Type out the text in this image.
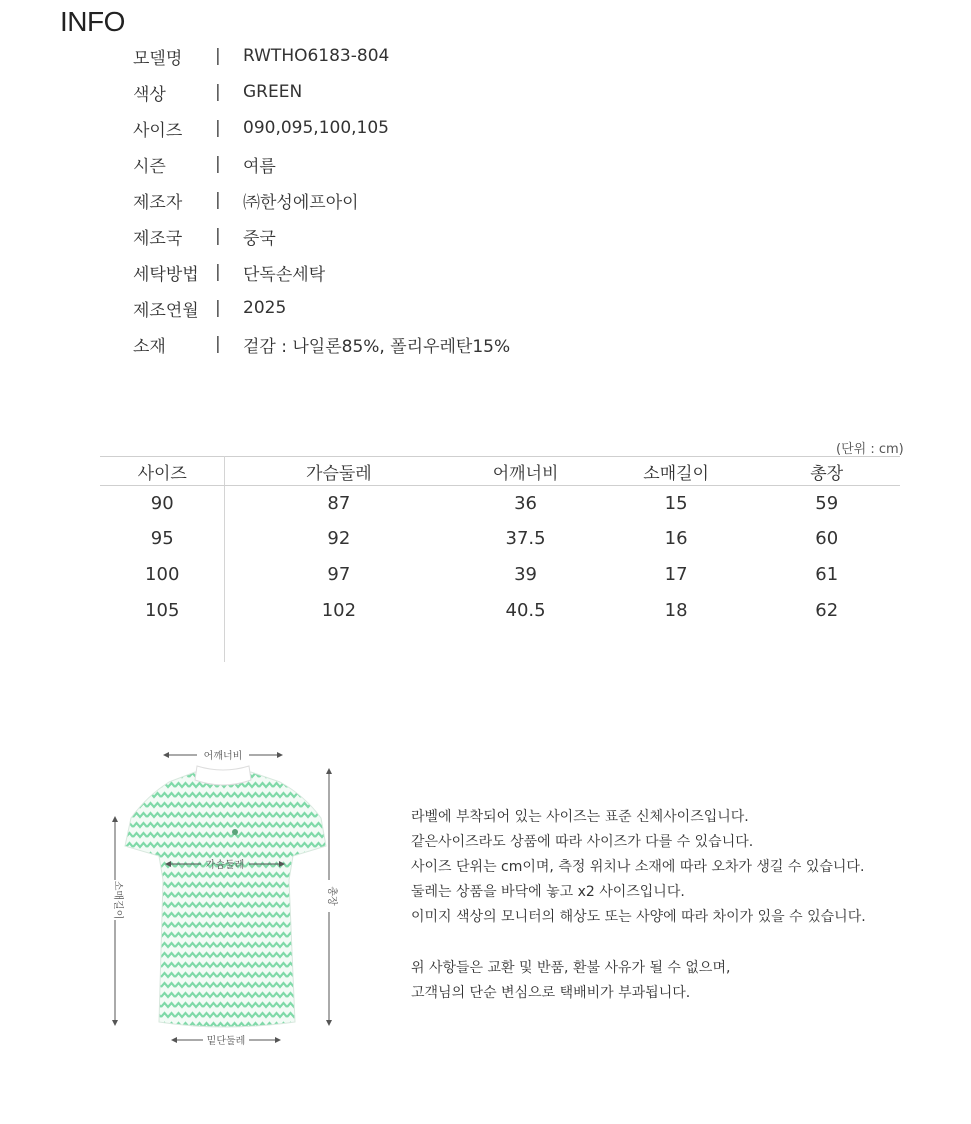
INFO
모델명	|	RWTHO6183-804
색상	|	GREEN
사이즈	|	090,095,100,105
시즌	|	여름
제조자	|	㈜한성에프아이
제조국	|	중국
세탁방법 |	단독손세탁
제조연월 |	2025
소재	|	겉감 : 나일론85%, 폴리우레탄15%
(단위 : cm)
사이즈	가슴둘레	어깨너비	소매길이	총장
90	87	36	15	59
95	92	37.5	16	60
100	97	39	17	61
105	102	40.5	18	62

어깨너비
가슴둘레
소매길이	총장
밑단둘레
라벨에 부착되어 있는 사이즈는 표준 신체사이즈입니다.
같은사이즈라도 상품에 따라 사이즈가 다를 수 있습니다.
사이즈 단위는 cm이며, 측정 위치나 소재에 따라 오차가 생길 수 있습니다.
둘레는 상품을 바닥에 놓고 x2 사이즈입니다.
이미지 색상의 모니터의 해상도 또는 사양에 따라 차이가 있을 수 있습니다.
위 사항들은 교환 및 반품, 환불 사유가 될 수 없으며,
고객님의 단순 변심으로 택배비가 부과됩니다.
